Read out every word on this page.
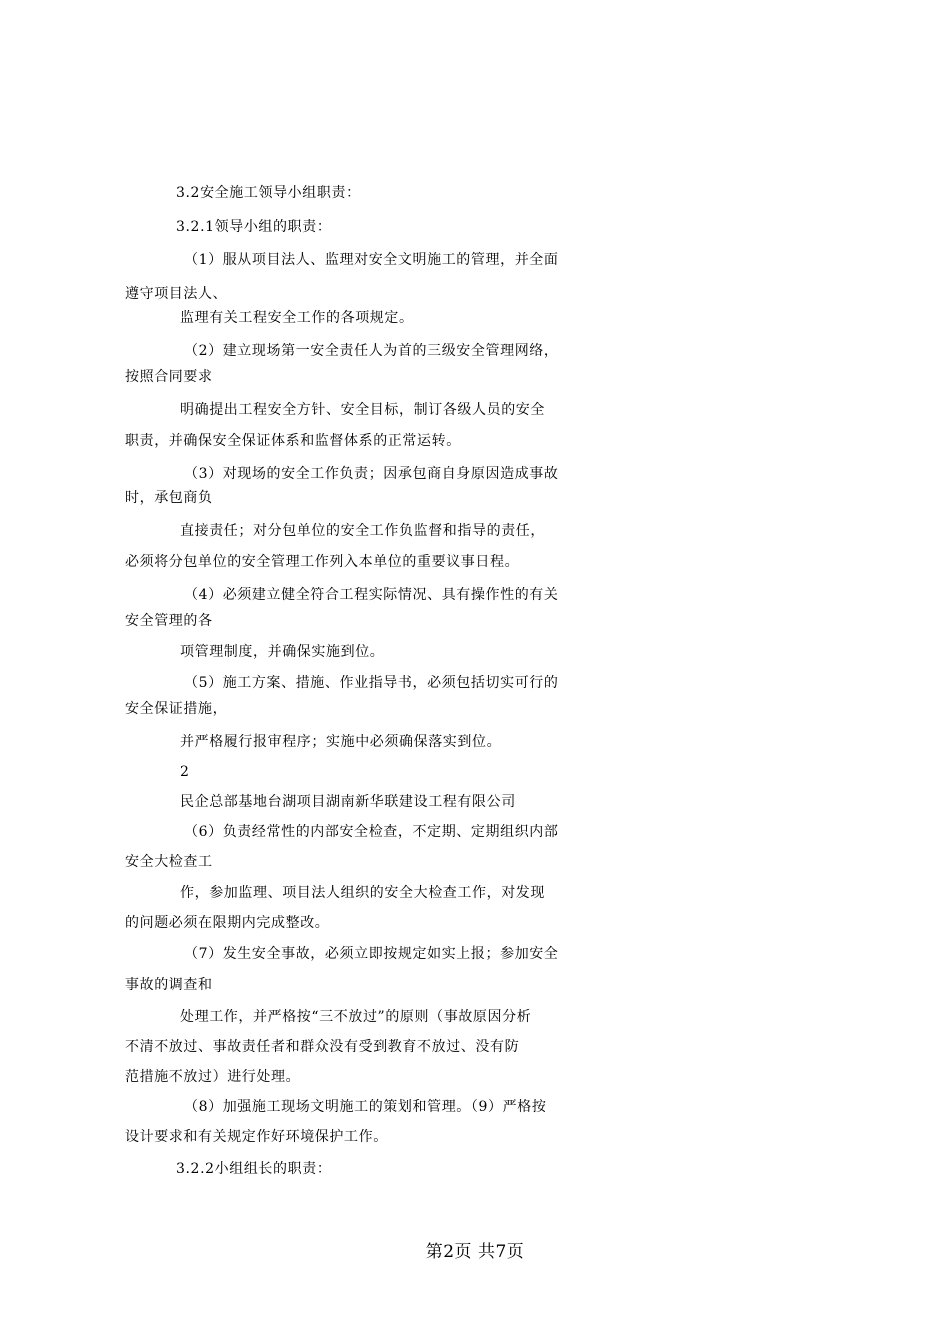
3.2安全施工领导小组职责：
3.2.1领导小组的职责：
（1）服从项目法人、监理对安全文明施工的管理，并全面
遵守项目法人、
监理有关工程安全工作的各项规定。
（2）建立现场第一安全责任人为首的三级安全管理网络，
按照合同要求
明确提出工程安全方针、安全目标，制订各级人员的安全
职责，并确保安全保证体系和监督体系的正常运转。
（3）对现场的安全工作负责；因承包商自身原因造成事故
时，承包商负
直接责任；对分包单位的安全工作负监督和指导的责任，
必须将分包单位的安全管理工作列入本单位的重要议事日程。
（4）必须建立健全符合工程实际情况、具有操作性的有关
安全管理的各
项管理制度，并确保实施到位。
（5）施工方案、措施、作业指导书，必须包括切实可行的
安全保证措施，
并严格履行报审程序；实施中必须确保落实到位。
2
民企总部基地台湖项目湖南新华联建设工程有限公司
（6）负责经常性的内部安全检查，不定期、定期组织内部
安全大检查工
作，参加监理、项目法人组织的安全大检查工作，对发现
的问题必须在限期内完成整改。
（7）发生安全事故，必须立即按规定如实上报；参加安全
事故的调查和
处理工作，并严格按“三不放过”的原则（事故原因分析
不清不放过、事故责任者和群众没有受到教育不放过、没有防
范措施不放过）进行处理。
（8）加强施工现场文明施工的策划和管理。（9）严格按
设计要求和有关规定作好环境保护工作。
3.2.2小组组长的职责：
第2页 共7页
